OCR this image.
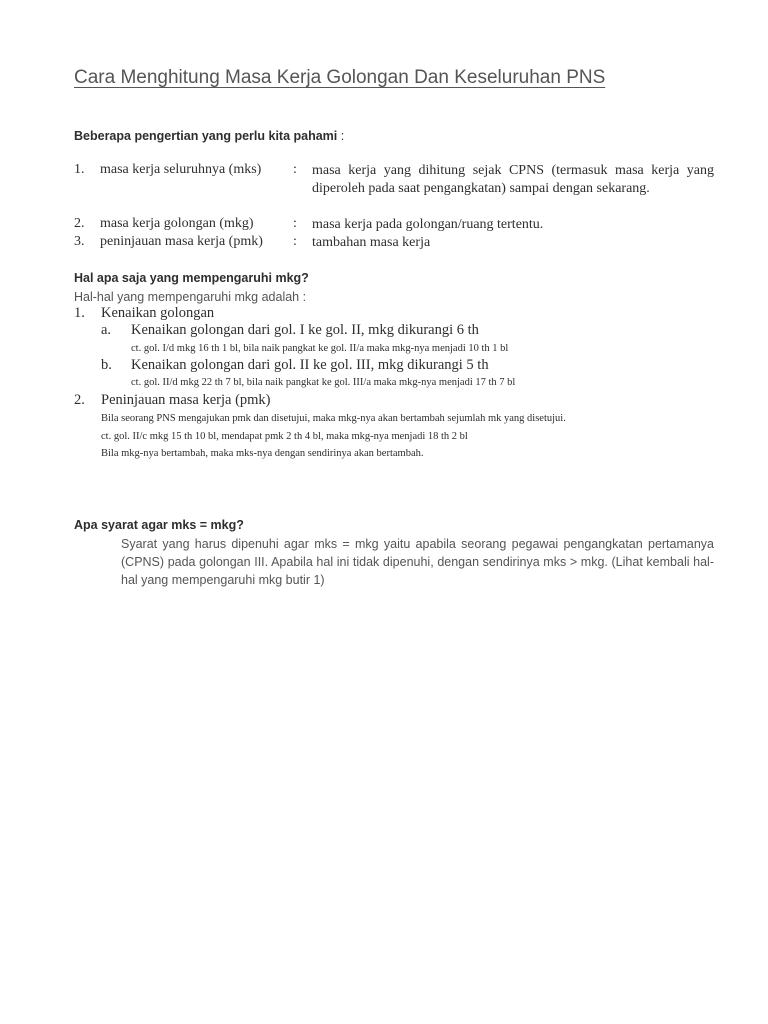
Cara Menghitung Masa Kerja Golongan Dan Keseluruhan PNS
Beberapa pengertian yang perlu kita pahami :
1. masa kerja seluruhnya (mks) : masa kerja yang dihitung sejak CPNS (termasuk masa kerja yang diperoleh pada saat pengangkatan) sampai dengan sekarang.
2. masa kerja golongan (mkg)	: masa kerja pada golongan/ruang tertentu.
3. peninjauan masa kerja (pmk) : tambahan masa kerja
Hal apa saja yang mempengaruhi mkg?
Hal-hal yang mempengaruhi mkg adalah :
1. Kenaikan golongan
a. Kenaikan golongan dari gol. I ke gol. II, mkg dikurangi 6 th
ct. gol. I/d mkg 16 th 1 bl, bila naik pangkat ke gol. II/a maka mkg-nya menjadi 10 th 1 bl
b. Kenaikan golongan dari gol. II ke gol. III, mkg dikurangi 5 th
ct. gol. II/d mkg 22 th 7 bl, bila naik pangkat ke gol. III/a maka mkg-nya menjadi 17 th 7 bl
2. Peninjauan masa kerja (pmk)
Bila seorang PNS mengajukan pmk dan disetujui, maka mkg-nya akan bertambah sejumlah mk yang disetujui.
ct. gol. II/c mkg 15 th 10 bl, mendapat pmk 2 th 4 bl, maka mkg-nya menjadi 18 th 2 bl
Bila mkg-nya bertambah, maka mks-nya dengan sendirinya akan bertambah.
Apa syarat agar mks = mkg?
Syarat yang harus dipenuhi agar mks = mkg yaitu apabila seorang pegawai pengangkatan pertamanya (CPNS) pada golongan III. Apabila hal ini tidak dipenuhi, dengan sendirinya mks > mkg. (Lihat kembali hal-hal yang mempengaruhi mkg butir 1)
